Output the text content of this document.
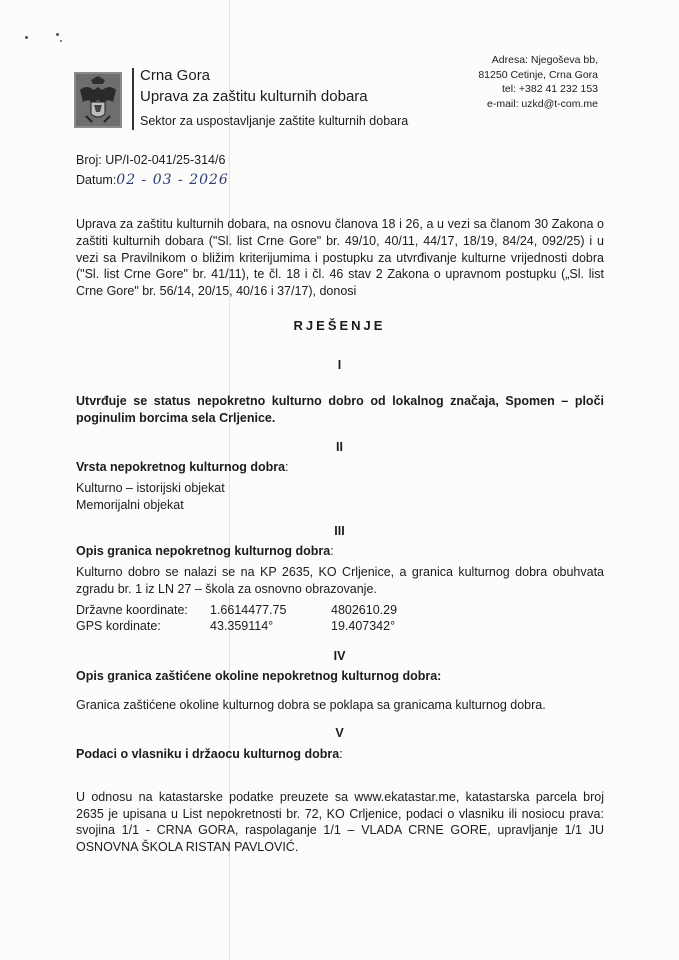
Crna Gora
Uprava za zaštitu kulturnih dobara
Sektor za uspostavljanje zaštite kulturnih dobara
Adresa: Njegoševa bb,
81250 Cetinje, Crna Gora
tel: +382 41 232 153
e-mail: uzkd@t-com.me
Broj: UP/I-02-041/25-314/6
Datum:02 - 03 - 2026
Uprava za zaštitu kulturnih dobara, na osnovu članova 18 i 26, a u vezi sa članom 30 Zakona o zaštiti kulturnih dobara ("Sl. list Crne Gore" br. 49/10, 40/11, 44/17, 18/19, 84/24, 092/25) i u vezi sa Pravilnikom o bližim kriterijumima i postupku za utvrđivanje kulturne vrijednosti dobra ("Sl. list Crne Gore" br. 41/11), te čl. 18 i čl. 46 stav 2 Zakona o upravnom postupku („Sl. list Crne Gore" br. 56/14, 20/15, 40/16 i 37/17), donosi
RJEŠENJE
I
Utvrđuje se status nepokretno kulturno dobro od lokalnog značaja, Spomen – ploči poginulim borcima sela Crljenice.
II
Vrsta nepokretnog kulturnog dobra:
Kulturno – istorijski objekat
Memorijalni objekat
III
Opis granica nepokretnog kulturnog dobra:
Kulturno dobro se nalazi se na KP 2635, KO Crljenice, a granica kulturnog dobra obuhvata zgradu br. 1 iz LN 27 – škola za osnovno obrazovanje.
Državne koordinate: 1.6614477.75	4802610.29
GPS kordinate:	43.359114°	19.407342°
IV
Opis granica zaštićene okoline nepokretnog kulturnog dobra:
Granica zaštićene okoline kulturnog dobra se poklapa sa granicama kulturnog dobra.
V
Podaci o vlasniku i držaocu kulturnog dobra:
U odnosu na katastarske podatke preuzete sa www.ekatastar.me, katastarska parcela broj 2635 je upisana u List nepokretnosti br. 72, KO Crljenice, podaci o vlasniku ili nosiocu prava: svojina 1/1 - CRNA GORA, raspolaganje 1/1 – VLADA CRNE GORE, upravljanje 1/1 JU OSNOVNA ŠKOLA RISTAN PAVLOVIĆ.
